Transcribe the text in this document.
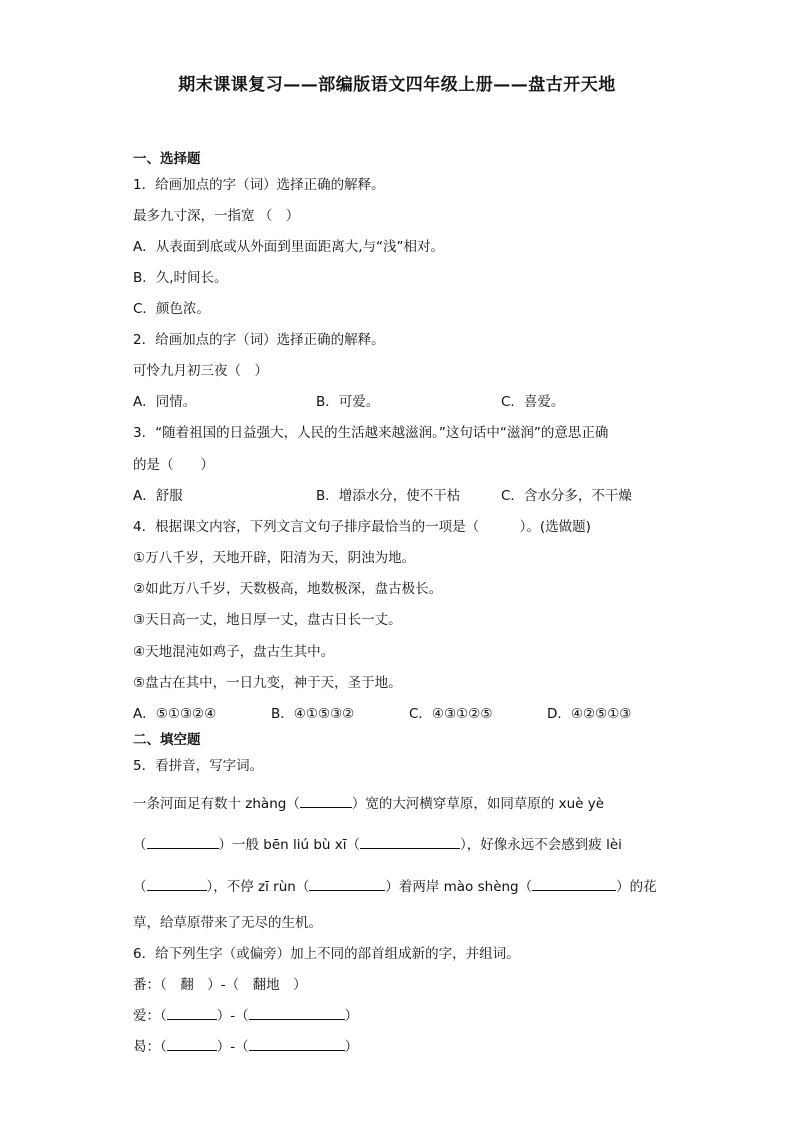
期末课课复习——部编版语文四年级上册——盘古开天地
一、选择题
1．给画加点的字（词）选择正确的解释。
最多九寸深，一指宽 （　）
A．从表面到底或从外面到里面距离大,与“浅”相对。
B．久,时间长。
C．颜色浓。
2．给画加点的字（词）选择正确的解释。
可怜九月初三夜（　）
A．同情。	B．可爱。	C．喜爱。
3．“随着祖国的日益强大，人民的生活越来越滋润。”这句话中“滋润”的意思正确
的是（　　）
A．舒服	B．增添水分，使不干枯	C．含水分多，不干燥
4．根据课文内容，下列文言文句子排序最恰当的一项是（　　　）。(选做题)
①万八千岁，天地开辟，阳清为天，阴浊为地。
②如此万八千岁，天数极高，地数极深，盘古极长。
③天日高一丈，地日厚一丈，盘古日长一丈。
④天地混沌如鸡子，盘古生其中。
⑤盘古在其中，一日九变，神于天，圣于地。
A．⑤①③②④	B．④①⑤③②	C．④③①②⑤	D．④②⑤①③
二、填空题
5．看拼音，写字词。
一条河面足有数十 zhàng（	）宽的大河横穿草原，如同草原的 xuè yè
（	）一般 bēn liú bù xī（	），好像永远不会感到疲 lèi
（	），不停 zī rùn（	）着两岸 mào shèng（	）的花
草，给草原带来了无尽的生机。
6．给下列生字（或偏旁）加上不同的部首组成新的字，并组词。
番：（　翻　）-（　翻地　）
爱：（	）-（	）
曷：（	）-（	）
